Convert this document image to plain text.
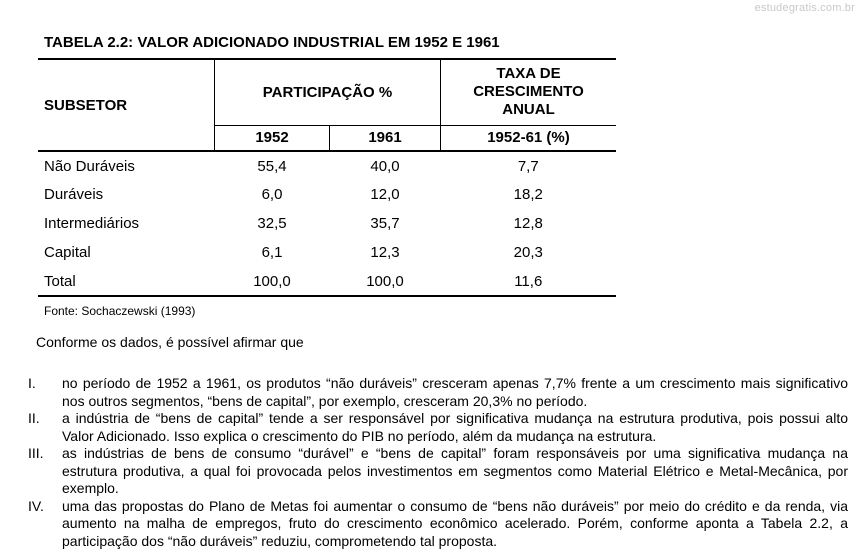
estudegratis.com.br
TABELA 2.2: VALOR ADICIONADO INDUSTRIAL EM 1952 E 1961
SUBSETOR	PARTICIPAÇÃO %		TAXA DE
CRESCIMENTO
ANUAL
	1952	1961	1952-61 (%)
Não Duráveis	55,4	40,0	7,7
Duráveis	6,0	12,0	18,2
Intermediários	32,5	35,7	12,8
Capital	6,1	12,3	20,3
Total	100,0	100,0	11,6
Fonte: Sochaczewski (1993)
Conforme os dados, é possível afirmar que
I.	no período de 1952 a 1961, os produtos “não duráveis” cresceram apenas 7,7% frente a um crescimento mais significativo nos outros segmentos, “bens de capital”, por exemplo, cresceram 20,3% no período.
II.	a indústria de “bens de capital” tende a ser responsável por significativa mudança na estrutura produtiva, pois possui alto Valor Adicionado. Isso explica o crescimento do PIB no período, além da mudança na estrutura.
III.	as indústrias de bens de consumo “durável” e “bens de capital” foram responsáveis por uma significativa mudança na estrutura produtiva, a qual foi provocada pelos investimentos em segmentos como Material Elétrico e Metal-Mecânica, por exemplo.
IV.	uma das propostas do Plano de Metas foi aumentar o consumo de “bens não duráveis” por meio do crédito e da renda, via aumento na malha de empregos, fruto do crescimento econômico acelerado. Porém, conforme aponta a Tabela 2.2, a participação dos “não duráveis” reduziu, comprometendo tal proposta.
